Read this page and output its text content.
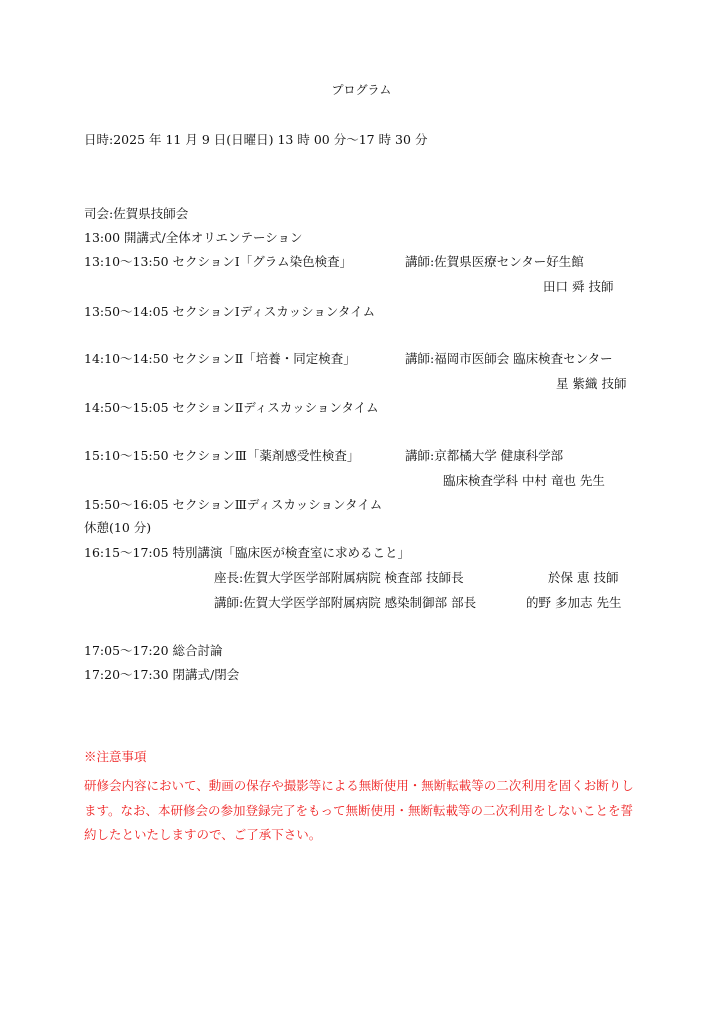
プログラム
日時:2025 年 11 月 9 日(日曜日) 13 時 00 分～17 時 30 分
司会:佐賀県技師会
13:00 開講式/全体オリエンテーション
13:10～13:50 セクションⅠ「グラム染色検査」	講師:佐賀県医療センター好生館
田口 舜 技師
13:50～14:05 セクションⅠディスカッションタイム
14:10～14:50 セクションⅡ「培養・同定検査」	講師:福岡市医師会 臨床検査センター
星 紫織 技師
14:50～15:05 セクションⅡディスカッションタイム
15:10～15:50 セクションⅢ「薬剤感受性検査」	講師:京都橘大学 健康科学部
臨床検査学科 中村 竜也 先生
15:50～16:05 セクションⅢディスカッションタイム
休憩(10 分)
16:15～17:05 特別講演「臨床医が検査室に求めること」
座長:佐賀大学医学部附属病院 検査部 技師長	於保 恵 技師
講師:佐賀大学医学部附属病院 感染制御部 部長	的野 多加志 先生
17:05～17:20 総合討論
17:20～17:30 閉講式/閉会
※注意事項
研修会内容において、動画の保存や撮影等による無断使用・無断転載等の二次利用を固くお断りします。なお、本研修会の参加登録完了をもって無断使用・無断転載等の二次利用をしないことを誓約したといたしますので、ご了承下さい。
